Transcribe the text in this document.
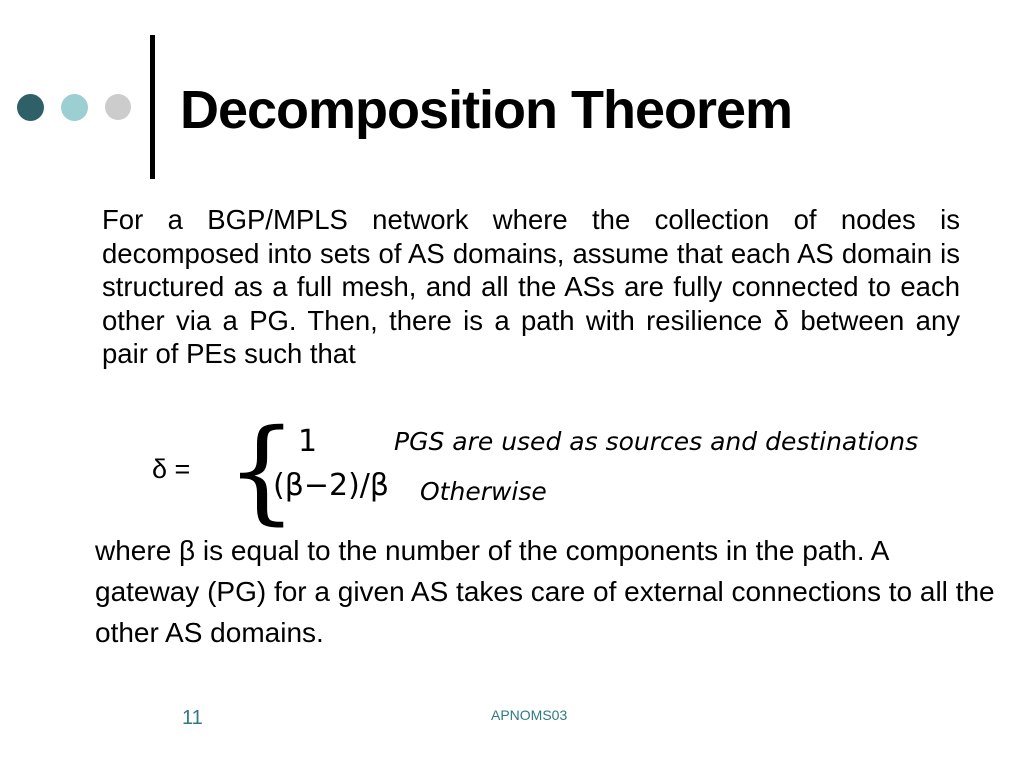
Decomposition Theorem
For a BGP/MPLS network where the collection of nodes is decomposed into sets of AS domains, assume that each AS domain is structured as a full mesh, and all the ASs are fully connected to each other via a PG. Then, there is a path with resilience δ between any pair of PEs such that
δ = { 1
(β−2)/β
PGS are used as sources and destinations
Otherwise
where β is equal to the number of the components in the path. A gateway (PG) for a given AS takes care of external connections to all the other AS domains.
11	APNOMS03
